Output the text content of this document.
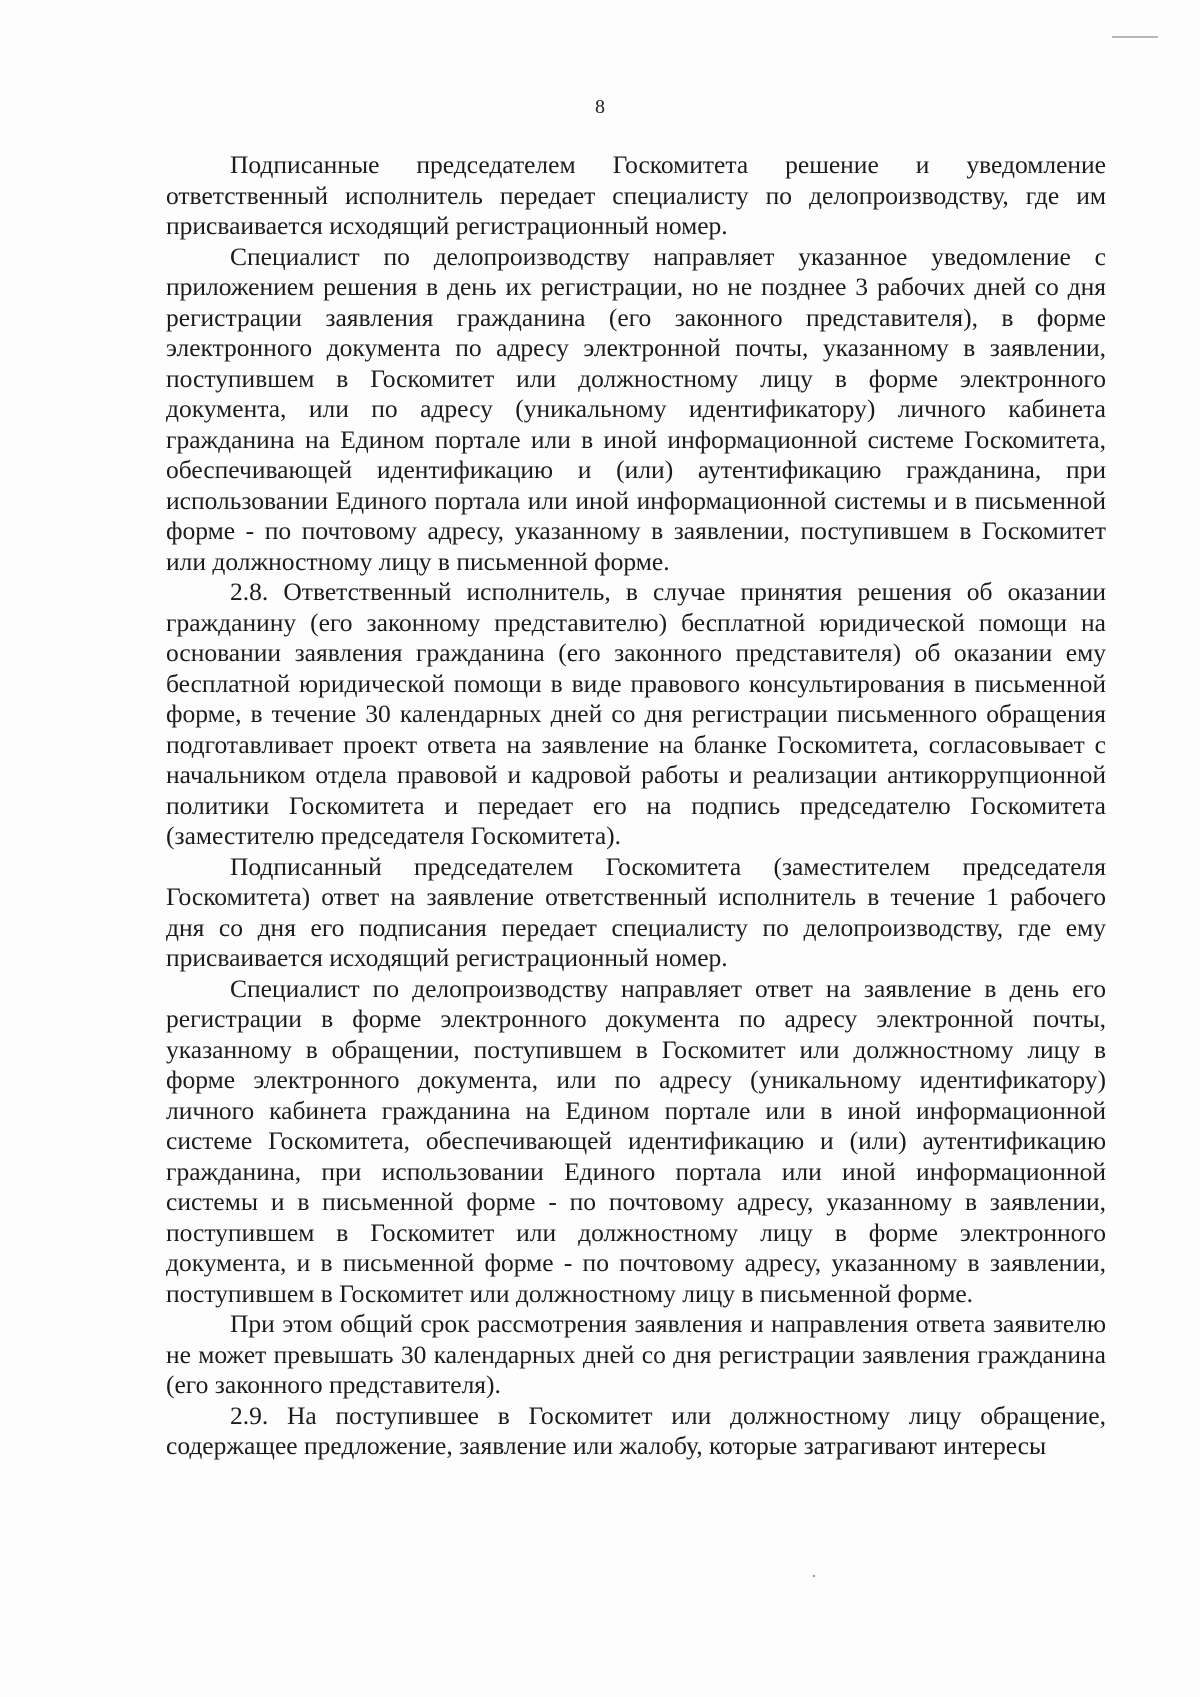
8

Подписанные председателем Госкомитета решение и уведомление ответственный исполнитель передает специалисту по делопроизводству, где им присваивается исходящий регистрационный номер.

Специалист по делопроизводству направляет указанное уведомление с приложением решения в день их регистрации, но не позднее 3 рабочих дней со дня регистрации заявления гражданина (его законного представителя), в форме электронного документа по адресу электронной почты, указанному в заявлении, поступившем в Госкомитет или должностному лицу в форме электронного документа, или по адресу (уникальному идентификатору) личного кабинета гражданина на Едином портале или в иной информационной системе Госкомитета, обеспечивающей идентификацию и (или) аутентификацию гражданина, при использовании Единого портала или иной информационной системы и в письменной форме - по почтовому адресу, указанному в заявлении, поступившем в Госкомитет или должностному лицу в письменной форме.

2.8. Ответственный исполнитель, в случае принятия решения об оказании гражданину (его законному представителю) бесплатной юридической помощи на основании заявления гражданина (его законного представителя) об оказании ему бесплатной юридической помощи в виде правового консультирования в письменной форме, в течение 30 календарных дней со дня регистрации письменного обращения подготавливает проект ответа на заявление на бланке Госкомитета, согласовывает с начальником отдела правовой и кадровой работы и реализации антикоррупционной политики Госкомитета и передает его на подпись председателю Госкомитета (заместителю председателя Госкомитета).

Подписанный председателем Госкомитета (заместителем председателя Госкомитета) ответ на заявление ответственный исполнитель в течение 1 рабочего дня со дня его подписания передает специалисту по делопроизводству, где ему присваивается исходящий регистрационный номер.

Специалист по делопроизводству направляет ответ на заявление в день его регистрации в форме электронного документа по адресу электронной почты, указанному в обращении, поступившем в Госкомитет или должностному лицу в форме электронного документа, или по адресу (уникальному идентификатору) личного кабинета гражданина на Едином портале или в иной информационной системе Госкомитета, обеспечивающей идентификацию и (или) аутентификацию гражданина, при использовании Единого портала или иной информационной системы и в письменной форме - по почтовому адресу, указанному в заявлении, поступившем в Госкомитет или должностному лицу в форме электронного документа, и в письменной форме - по почтовому адресу, указанному в заявлении, поступившем в Госкомитет или должностному лицу в письменной форме.

При этом общий срок рассмотрения заявления и направления ответа заявителю не может превышать 30 календарных дней со дня регистрации заявления гражданина (его законного представителя).

2.9. На поступившее в Госкомитет или должностному лицу обращение, содержащее предложение, заявление или жалобу, которые затрагивают интересы
